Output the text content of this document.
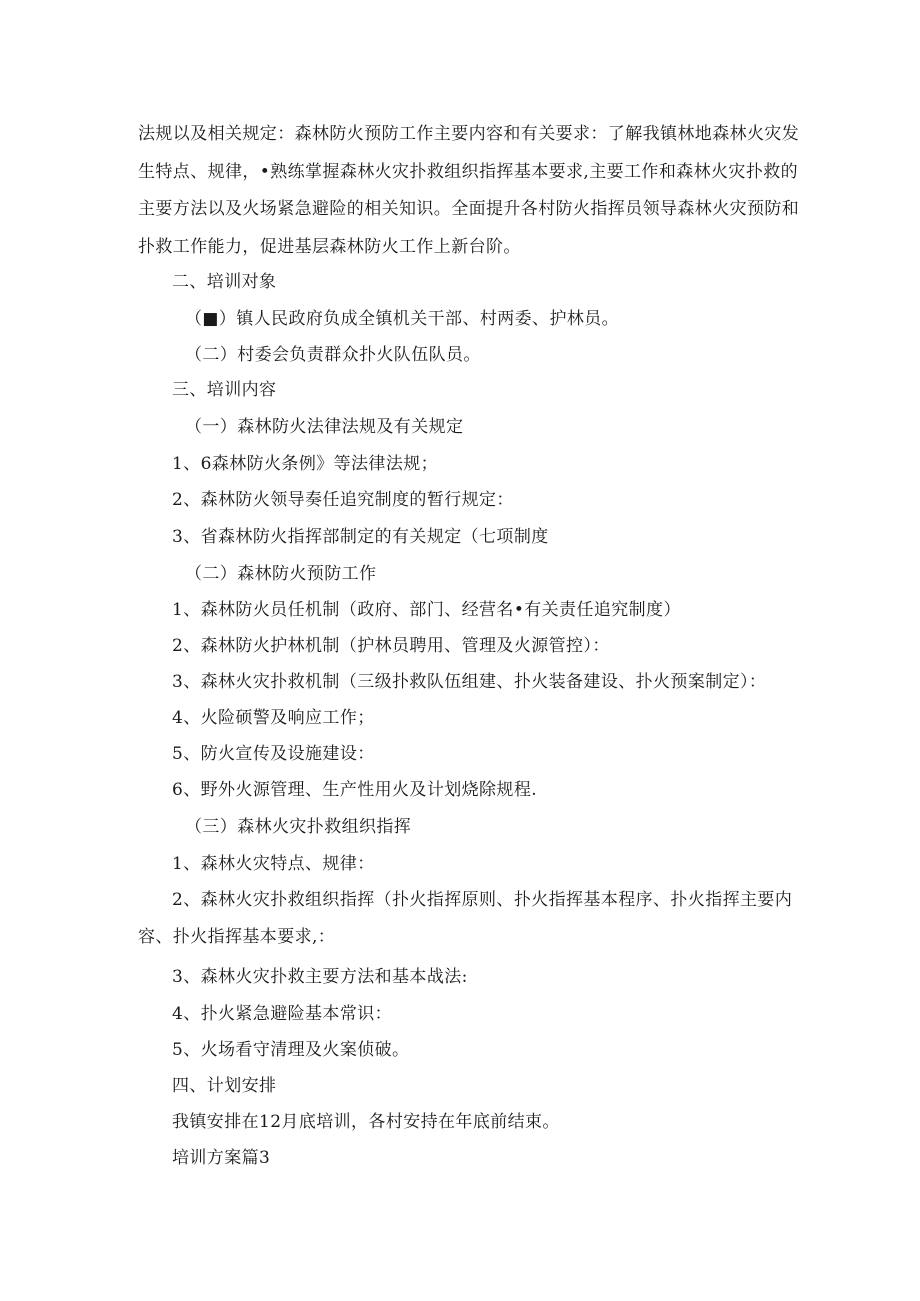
法规以及相关规定：森林防火预防工作主要内容和有关要求：了解我镇林地森林火灾发

生特点、规律，•熟练掌握森林火灾扑救组织指挥基本要求,主要工作和森林火灾扑救的

主要方法以及火场紧急避险的相关知识。全面提升各村防火指挥员领导森林火灾预防和

扑救工作能力，促进基层森林防火工作上新台阶。

二、培训对象
（■）镇人民政府负成全镇机关干部、村两委、护林员。
（二）村委会负责群众扑火队伍队员。
三、培训内容
（一）森林防火法律法规及有关规定
1、6森林防火条例》等法律法规；
2、森林防火领导奏任追究制度的暂行规定：
3、省森林防火指挥部制定的有关规定（七项制度
（二）森林防火预防工作
1、森林防火员任机制（政府、部门、经营名•有关责任追究制度）
2、森林防火护林机制（护林员聘用、管理及火源管控）：
3、森林火灾扑救机制（三级扑救队伍组建、扑火装备建设、扑火预案制定）：
4、火险硕警及响应工作；
5、防火宣传及设施建设：
6、野外火源管理、生产性用火及计划烧除规程.
（三）森林火灾扑救组织指挥
1、森林火灾特点、规律：
2、森林火灾扑救组织指挥（扑火指挥原则、扑火指挥基本程序、扑火指挥主要内
容、扑火指挥基本要求,：
3、森林火灾扑救主要方法和基本战法:
4、扑火紧急避险基本常识：
5、火场看守清理及火案侦破。
四、计划安排
我镇安排在12月底培训，各村安持在年底前结束。
培训方案篇3
